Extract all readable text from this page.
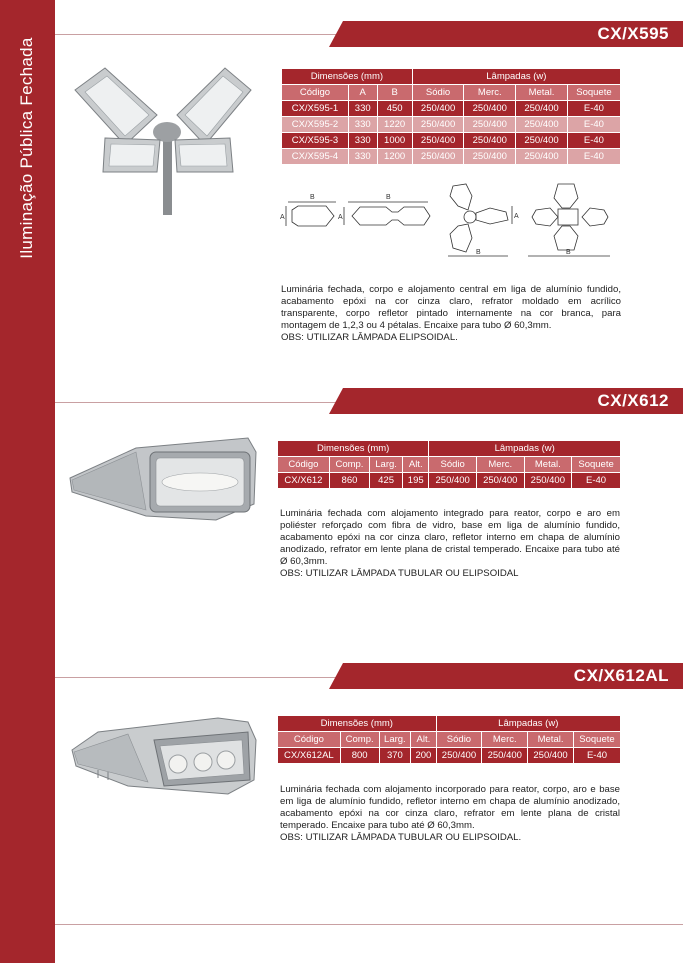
Iluminação Pública Fechada
CX/X595
Dimensões (mm)			Lâmpadas (w)			
Código	A	B	Sódio	Merc.	Metal.	Soquete
CX/X595-1	330	450	250/400	250/400	250/400	E-40
CX/X595-2	330	1220	250/400	250/400	250/400	E-40
CX/X595-3	330	1000	250/400	250/400	250/400	E-40
CX/X595-4	330	1200	250/400	250/400	250/400	E-40
B
A
B
A	A
B	B

Luminária fechada, corpo e alojamento central em liga de alumínio fundido, acabamento epóxi na cor cinza claro, refrator moldado em acrílico transparente, corpo refletor pintado internamente na cor branca, para montagem de 1,2,3 ou 4 pétalas. Encaixe para tubo Ø 60,3mm.

OBS: UTILIZAR LÂMPADA ELIPSOIDAL.

CX/X612
Dimensões (mm)				Lâmpadas (w)			
Código	Comp.	Larg.	Alt.	Sódio	Merc.	Metal.	Soquete
CX/X612	860	425	195	250/400	250/400	250/400	E-40

Luminária fechada com alojamento integrado para reator, corpo e aro em poliéster reforçado com fibra de vidro, base em liga de alumínio fundido, acabamento epóxi na cor cinza claro, refletor interno em chapa de alumínio anodizado, refrator em lente plana de cristal temperado. Encaixe para tubo até Ø 60,3mm.

OBS: UTILIZAR LÂMPADA TUBULAR OU ELIPSOIDAL

CX/X612AL
Dimensões (mm)				Lâmpadas (w)			
Código	Comp.	Larg.	Alt.	Sódio	Merc.	Metal.	Soquete
CX/X612AL	800	370	200	250/400	250/400	250/400	E-40

Luminária fechada com alojamento incorporado para reator, corpo, aro e base em liga de alumínio fundido, refletor interno em chapa de alumínio anodizado, acabamento epóxi na cor cinza claro, refrator em lente plana de cristal temperado. Encaixe para tubo até Ø 60,3mm.

OBS: UTILIZAR LÂMPADA TUBULAR OU ELIPSOIDAL.
